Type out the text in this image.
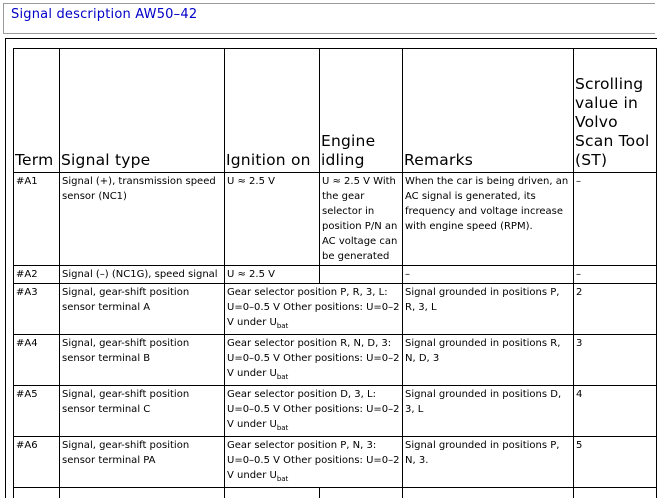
Signal description AW50–42
Term	Signal type	Ignition on	Engine idling	Remarks	Scrolling value in Volvo Scan Tool (ST)
#A1	Signal (+), transmission speed sensor (NC1)	U ≈ 2.5 V	U ≈ 2.5 V With the gear selector in position P/N an AC voltage can be generated	When the car is being driven, an AC signal is generated, its frequency and voltage increase with engine speed (RPM).	–
#A2	Signal (–) (NC1G), speed signal	U ≈ 2.5 V		–	–
#A3	Signal, gear-shift position sensor terminal A	Gear selector position P, R, 3, L: U=0–0.5 V Other positions: U=0–2 V under $U_{bat}$		Signal grounded in positions P, R, 3, L	2
#A4	Signal, gear-shift position sensor terminal B	Gear selector position R, N, D, 3: U=0–0.5 V Other positions: U=0–2 V under $U_{bat}$		Signal grounded in positions R, N, D, 3	3
#A5	Signal, gear-shift position sensor terminal C	Gear selector position D, 3, L: U=0–0.5 V Other positions: U=0–2 V under $U_{bat}$		Signal grounded in positions D, 3, L	4
#A6	Signal, gear-shift position sensor terminal PA	Gear selector position P, N, 3: U=0–0.5 V Other positions: U=0–2 V under $U_{bat}$		Signal grounded in positions P, N, 3.	5
